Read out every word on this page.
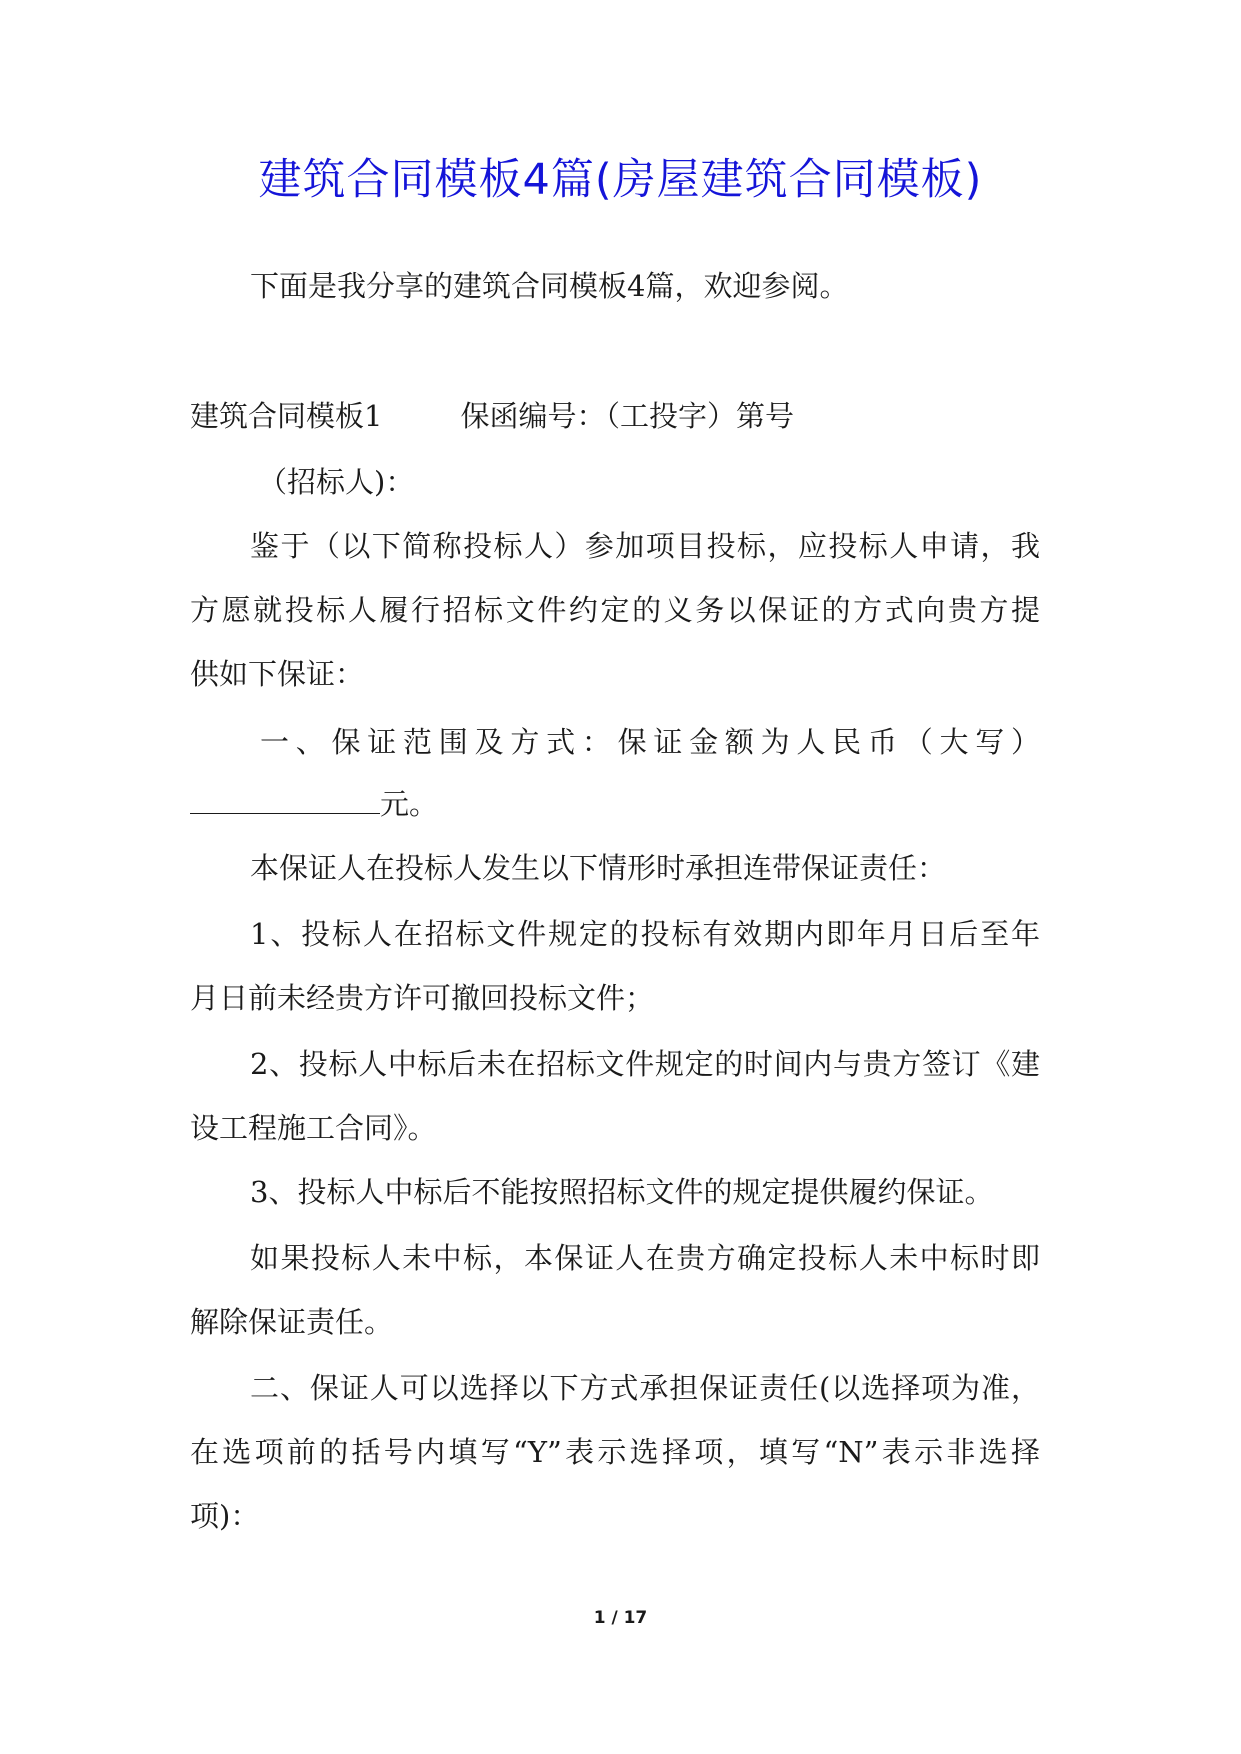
建筑合同模板4篇(房屋建筑合同模板)
下面是我分享的建筑合同模板4篇，欢迎参阅。
建筑合同模板1	保函编号：（工投字）第号
（招标人)：
鉴于（以下简称投标人）参加项目投标，应投标人申请，我
方愿就投标人履行招标文件约定的义务以保证的方式向贵方提
供如下保证：
一、保证范围及方式：保证金额为人民币（大写）
元。
本保证人在投标人发生以下情形时承担连带保证责任：
1、投标人在招标文件规定的投标有效期内即年月日后至年
月日前未经贵方许可撤回投标文件；
2、投标人中标后未在招标文件规定的时间内与贵方签订《建
设工程施工合同》。
3、投标人中标后不能按照招标文件的规定提供履约保证。
如果投标人未中标，本保证人在贵方确定投标人未中标时即
解除保证责任。
二、保证人可以选择以下方式承担保证责任(以选择项为准，
在选项前的括号内填写“Y”表示选择项，填写“N”表示非选择
项)：
1 / 17
